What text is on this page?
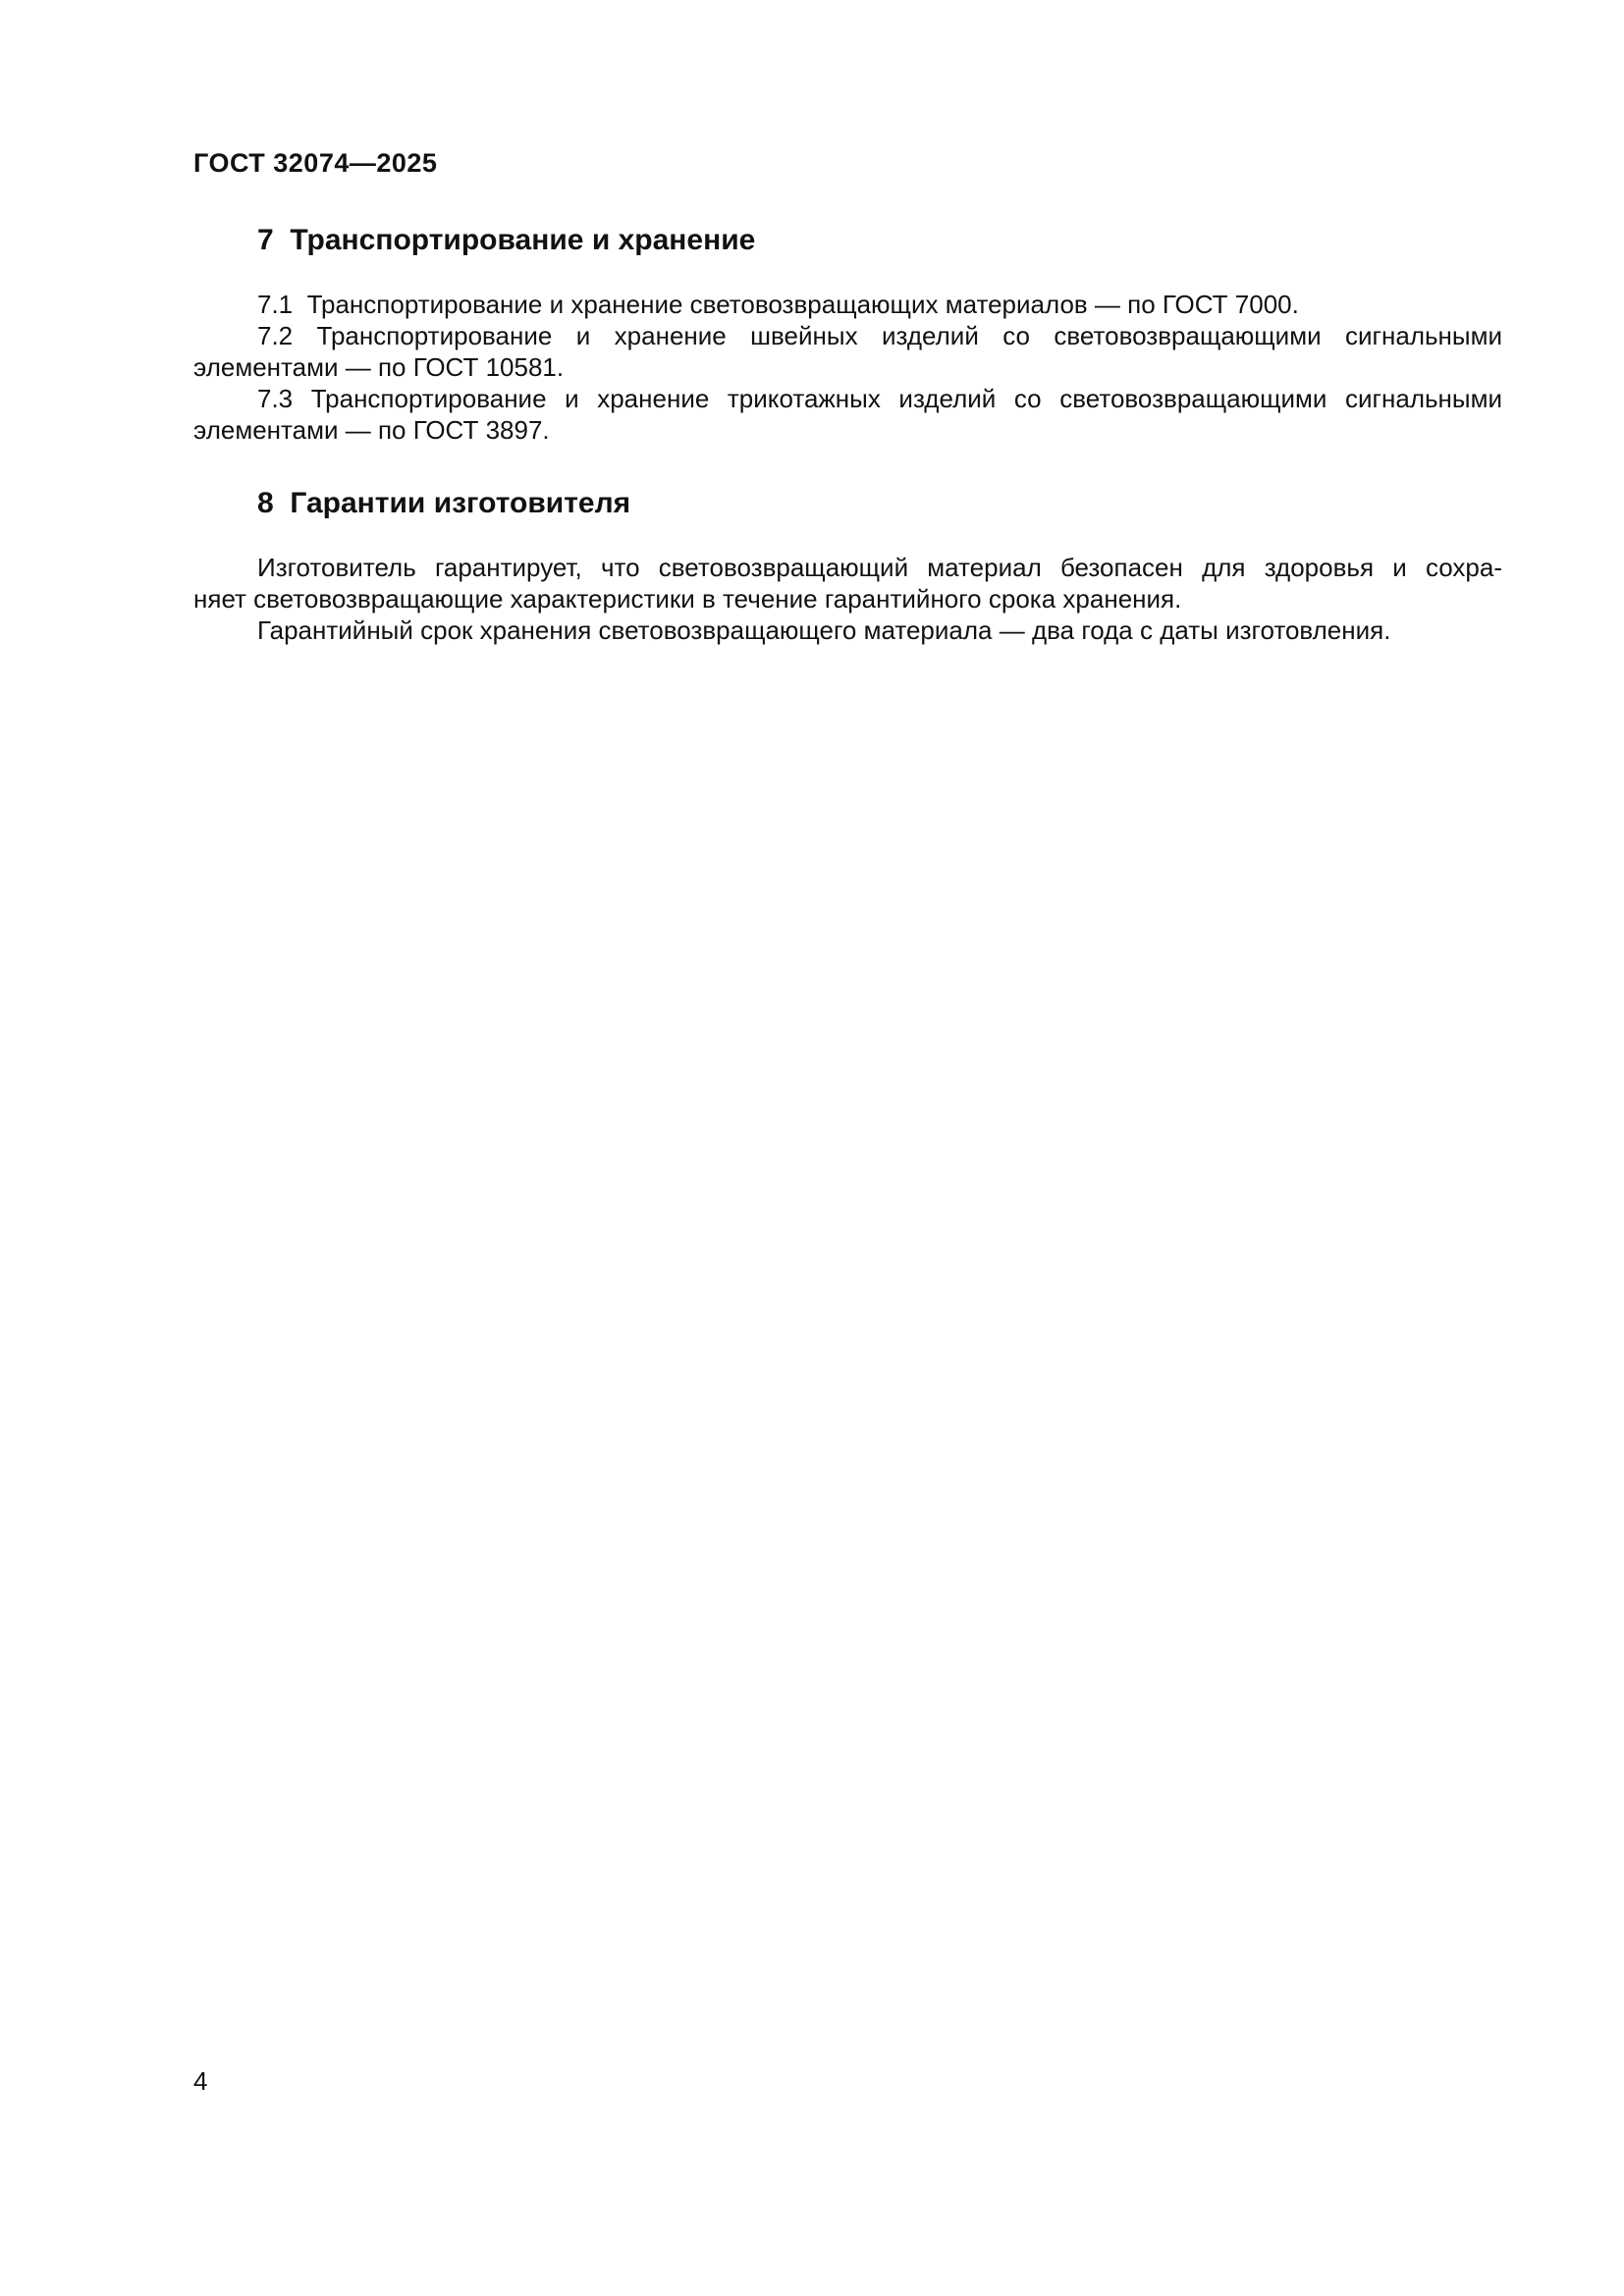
ГОСТ 32074—2025
7  Транспортирование и хранение
7.1  Транспортирование и хранение световозвращающих материалов — по ГОСТ 7000.
7.2 Транспортирование и хранение швейных изделий со световозвращающими сигнальными
элементами — по ГОСТ 10581.
7.3 Транспортирование и хранение трикотажных изделий со световозвращающими сигнальными
элементами — по ГОСТ 3897.
8  Гарантии изготовителя
Изготовитель гарантирует, что световозвращающий материал безопасен для здоровья и сохра-
няет световозвращающие характеристики в течение гарантийного срока хранения.
Гарантийный срок хранения световозвращающего материала — два года с даты изготовления.
4
